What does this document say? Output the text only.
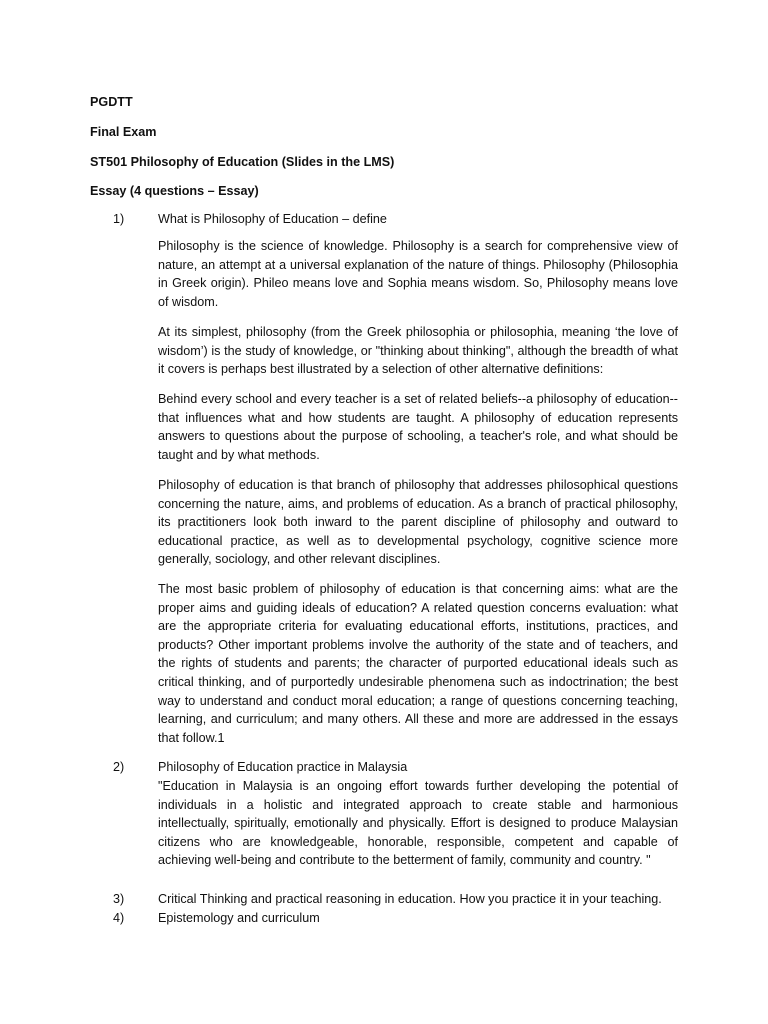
PGDTT
Final Exam
ST501 Philosophy of Education (Slides in the LMS)
Essay (4 questions – Essay)
1)	What is Philosophy of Education – define

Philosophy is the science of knowledge. Philosophy is a search for comprehensive view of nature, an attempt at a universal explanation of the nature of things. Philosophy (Philosophia in Greek origin). Phileo means love and Sophia means wisdom. So, Philosophy means love of wisdom.

At its simplest, philosophy (from the Greek philosophia or philosophia, meaning ‘the love of wisdom’) is the study of knowledge, or "thinking about thinking", although the breadth of what it covers is perhaps best illustrated by a selection of other alternative definitions:

Behind every school and every teacher is a set of related beliefs--a philosophy of education--that influences what and how students are taught. A philosophy of education represents answers to questions about the purpose of schooling, a teacher's role, and what should be taught and by what methods.

Philosophy of education is that branch of philosophy that addresses philosophical questions concerning the nature, aims, and problems of education. As a branch of practical philosophy, its practitioners look both inward to the parent discipline of philosophy and outward to educational practice, as well as to developmental psychology, cognitive science more generally, sociology, and other relevant disciplines.

The most basic problem of philosophy of education is that concerning aims: what are the proper aims and guiding ideals of education? A related question concerns evaluation: what are the appropriate criteria for evaluating educational efforts, institutions, practices, and products? Other important problems involve the authority of the state and of teachers, and the rights of students and parents; the character of purported educational ideals such as critical thinking, and of purportedly undesirable phenomena such as indoctrination; the best way to understand and conduct moral education; a range of questions concerning teaching, learning, and curriculum; and many others. All these and more are addressed in the essays that follow.1

2)	Philosophy of Education practice in Malaysia

"Education in Malaysia is an ongoing effort towards further developing the potential of individuals in a holistic and integrated approach to create stable and harmonious intellectually, spiritually, emotionally and physically. Effort is designed to produce Malaysian citizens who are knowledgeable, honorable, responsible, competent and capable of achieving well-being and contribute to the betterment of family, community and country. "

3)	Critical Thinking and practical reasoning in education. How you practice it in your teaching.
4)	Epistemology and curriculum
